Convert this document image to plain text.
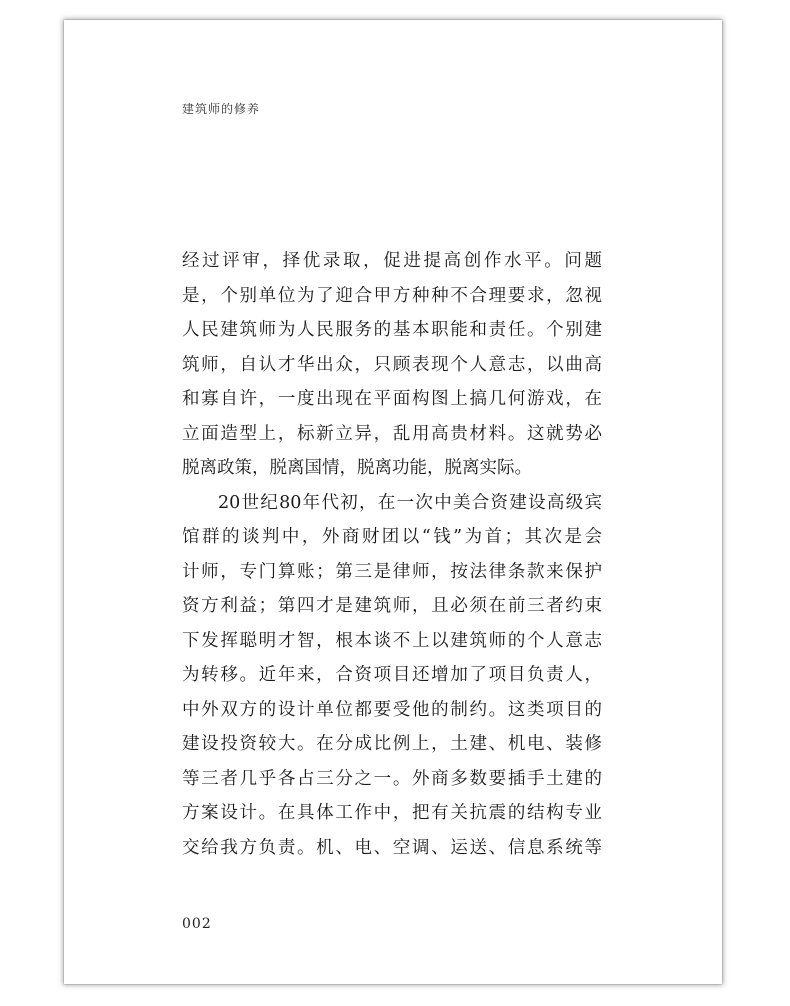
建筑师的修养
经过评审，择优录取，促进提高创作水平。问题
是，个别单位为了迎合甲方种种不合理要求，忽视
人民建筑师为人民服务的基本职能和责任。个别建
筑师，自认才华出众，只顾表现个人意志，以曲高
和寡自许，一度出现在平面构图上搞几何游戏，在
立面造型上，标新立异，乱用高贵材料。这就势必
脱离政策，脱离国情，脱离功能，脱离实际。
20世纪80年代初，在一次中美合资建设高级宾
馆群的谈判中，外商财团以“钱”为首；其次是会
计师，专门算账；第三是律师，按法律条款来保护
资方利益；第四才是建筑师，且必须在前三者约束
下发挥聪明才智，根本谈不上以建筑师的个人意志
为转移。近年来，合资项目还增加了项目负责人，
中外双方的设计单位都要受他的制约。这类项目的
建设投资较大。在分成比例上，土建、机电、装修
等三者几乎各占三分之一。外商多数要插手土建的
方案设计。在具体工作中，把有关抗震的结构专业
交给我方负责。机、电、空调、运送、信息系统等
002
